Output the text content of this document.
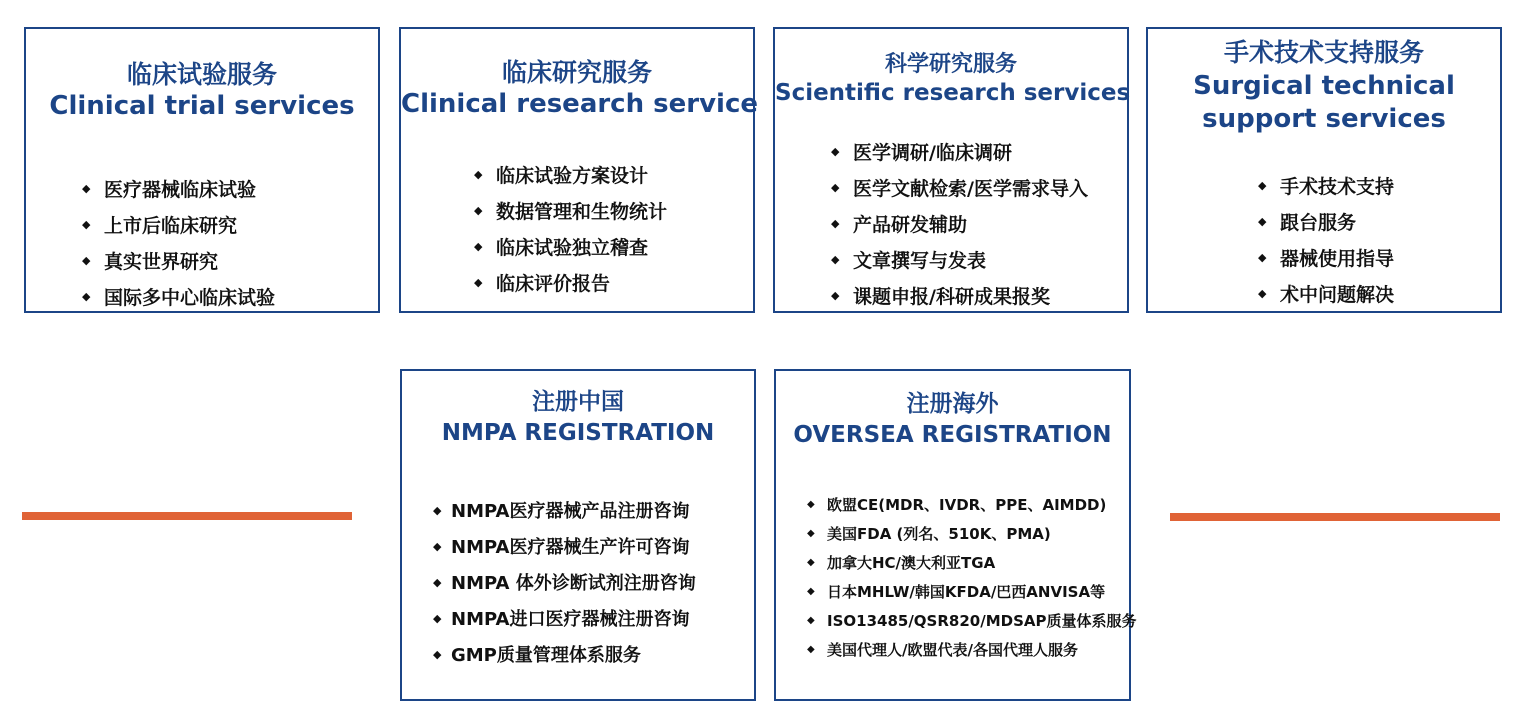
临床试验服务
Clinical trial services
◆ 医疗器械临床试验
◆ 上市后临床研究
◆ 真实世界研究
◆ 国际多中心临床试验
临床研究服务
Clinical research service
◆ 临床试验方案设计
◆ 数据管理和生物统计
◆ 临床试验独立稽查
◆ 临床评价报告
科学研究服务
Scientific research services
◆ 医学调研/临床调研
◆ 医学文献检索/医学需求导入
◆ 产品研发辅助
◆ 文章撰写与发表
◆ 课题申报/科研成果报奖
手术技术支持服务
Surgical technical
support services
◆ 手术技术支持
◆ 跟台服务
◆ 器械使用指导
◆ 术中问题解决
注册中国
NMPA REGISTRATION
◆ NMPA医疗器械产品注册咨询
◆ NMPA医疗器械生产许可咨询
◆ NMPA 体外诊断试剂注册咨询
◆ NMPA进口医疗器械注册咨询
◆ GMP质量管理体系服务
注册海外
OVERSEA REGISTRATION
◆ 欧盟CE(MDR、IVDR、PPE、AIMDD)
◆ 美国FDA (列名、510K、PMA)
◆ 加拿大HC/澳大利亚TGA
◆ 日本MHLW/韩国KFDA/巴西ANVISA等
◆ ISO13485/QSR820/MDSAP质量体系服务
◆ 美国代理人/欧盟代表/各国代理人服务
